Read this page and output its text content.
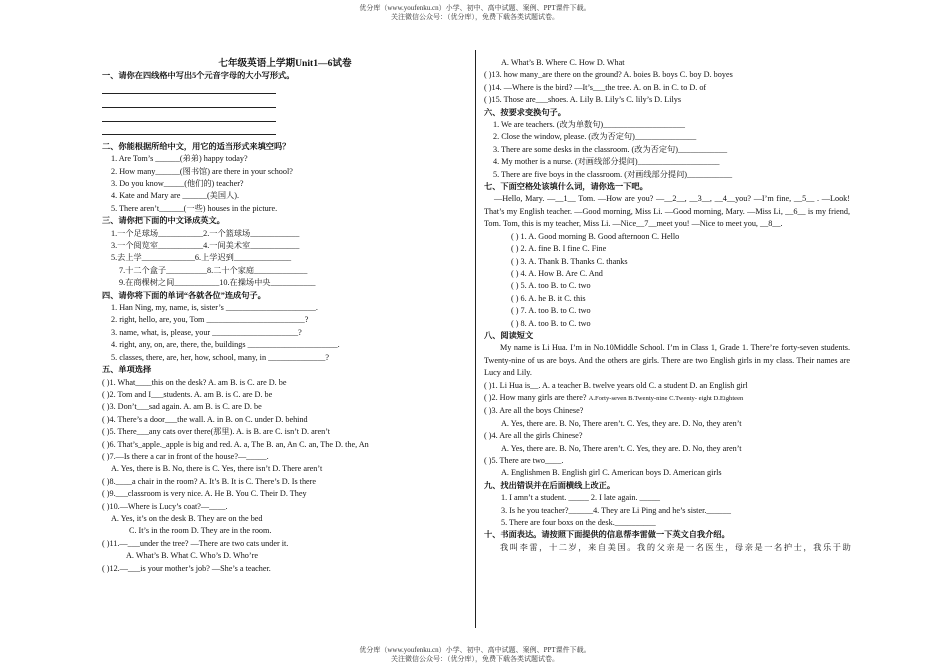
优分库（www.youfenku.cn）小学、初中、高中试题、案例、PPT课件下载。
关注微信公众号：（优分库），免费下载各类试题试卷。
七年级英语上学期Unit1—6试卷
一、请你在四线格中写出5个元音字母的大小写形式。
二、你能根据所给中文，用它的适当形式来填空吗？
1. Are Tom’s ______(弟弟) happy today?
2. How many______(图书馆) are there in your school?
3. Do you know_____(他们的) teacher?
4. Kate and Mary are ______(美国人).
5. There aren’t______(一些) houses in the picture.
三、请你把下面的中文译成英文。
1.一个足球场___________2.一个篮球场____________
3.一个阅览室___________4.一间美术室____________
5.去上学_____________6.上学迟到______________
7.十二个盒子__________8.二十个家庭_____________
9.在商棵树之间___________10.在操场中央___________
四、请你将下面的单词“各就各位”连成句子。
1. Han Ning, my, name, is, sister’s ______________________.
2. right, hello, are, you, Tom ________________________?
3. name, what, is, please, your _____________________?
4. right, any, on, are, there, the, buildings ______________________.
5. classes, there, are, her, how, school, many, in ______________?
五、单项选择
( )1. What____this on the desk? A. am B. is C. are D. be
( )2. Tom and I___students. A. am B. is C. are D. be
( )3. Don’t___sad again. A. am B. is C. are D. be
( )4. There’s a door___the wall. A. in B. on C. under D. behind
( )5. There___any cats over there(那里). A. is B. are C. isn’t D. aren’t
( )6. That’s_apple._apple is big and red. A. a, The B. an, An C. an, The D. the, An
( )7.—Is there a car in front of the house?—_____.
A. Yes, there is B. No, there is C. Yes, there isn’t D. There aren’t
( )8.____a chair in the room? A. It’s B. It is C. There’s D. Is there
( )9.___classroom is very nice. A. He B. You C. Their D. They
( )10.—Where is Lucy’s coat?—____.
A. Yes, it’s on the desk B. They are on the bed
C. It’s in the room D. They are in the room.
( )11.—___under the tree? —There are two cats under it.
A. What’s B. What C. Who’s D. Who’re
( )12.—___is your mother’s job? —She’s a teacher.
A. What’s B. Where C. How D. What
( )13. how many_are there on the ground? A. boies B. boys C. boy D. boyes
( )14. —Where is the bird? —It’s___the tree. A. on B. in C. to D. of
( )15. Those are___shoes. A. Lily B. Lily’s C. lily’s D. Lilys
六、按要求变换句子。
1. We are teachers. (改为单数句)____________________
2. Close the window, please. (改为否定句)_______________
3. There are some desks in the classroom. (改为否定句)____________
4. My mother is a nurse. (对画线部分提问)____________________
5. There are five boys in the classroom. (对画线部分提问)___________
七、下面空格处该填什么词，请你选一下吧。
—Hello, Mary. —__1__ Tom. —How are you? —__2__, __3__, __4__you? —I’m fine, __5__ . —Look! That’s my English teacher. —Good morning, Miss Li. —Good morning, Mary. —Miss Li, __6__ is my friend, Tom. Tom, this is my teacher, Miss Li. —Nice__7__meet you! —Nice to meet you, __8__.
( ) 1. A. Good morning B. Good afternoon C. Hello
( ) 2. A. fine B. I fine C. Fine
( ) 3. A. Thank B. Thanks C. thanks
( ) 4. A. How B. Are C. And
( ) 5. A. too B. to C. two
( ) 6. A. he B. it C. this
( ) 7. A. too B. to C. two
( ) 8. A. too B. to C. two
八、阅读短文
My name is Li Hua. I’m in No.10Middle School. I’m in Class 1, Grade 1. There’re forty-seven students. Twenty-nine of us are boys. And the others are girls. There are two English girls in my class. Their names are Lucy and Lily.
( )1. Li Hua is__. A. a teacher B. twelve years old C. a student D. an English girl
( )2. How many girls are there? A.Forty-seven B.Twenty-nine C.Twenty- eight D.Eighteen
( )3. Are all the boys Chinese?
A. Yes, there are. B. No, There aren’t. C. Yes, they are. D. No, they aren’t
( )4. Are all the girls Chinese?
A. Yes, there are. B. No, There aren’t. C. Yes, they are. D. No, they aren’t
( )5. There are two____.
A. Englishmen B. English girl C. American boys D. American girls
九、找出错误并在后面横线上改正。
1. I amn’t a student. _____ 2. I late again. _____
3. Is he you teacher?______4. They are Li Ping and he’s sister.______
5. There are four boxs on the desk.__________
十、书面表达。请按照下面提供的信息帮李雷做一下英文自我介绍。
我叫李雷，十二岁，来自美国。我的父亲是一名医生，母亲是一名护士，我乐于助
优分库（www.youfenku.cn）小学、初中、高中试题、案例、PPT课件下载。
关注微信公众号：（优分库），免费下载各类试题试卷。
